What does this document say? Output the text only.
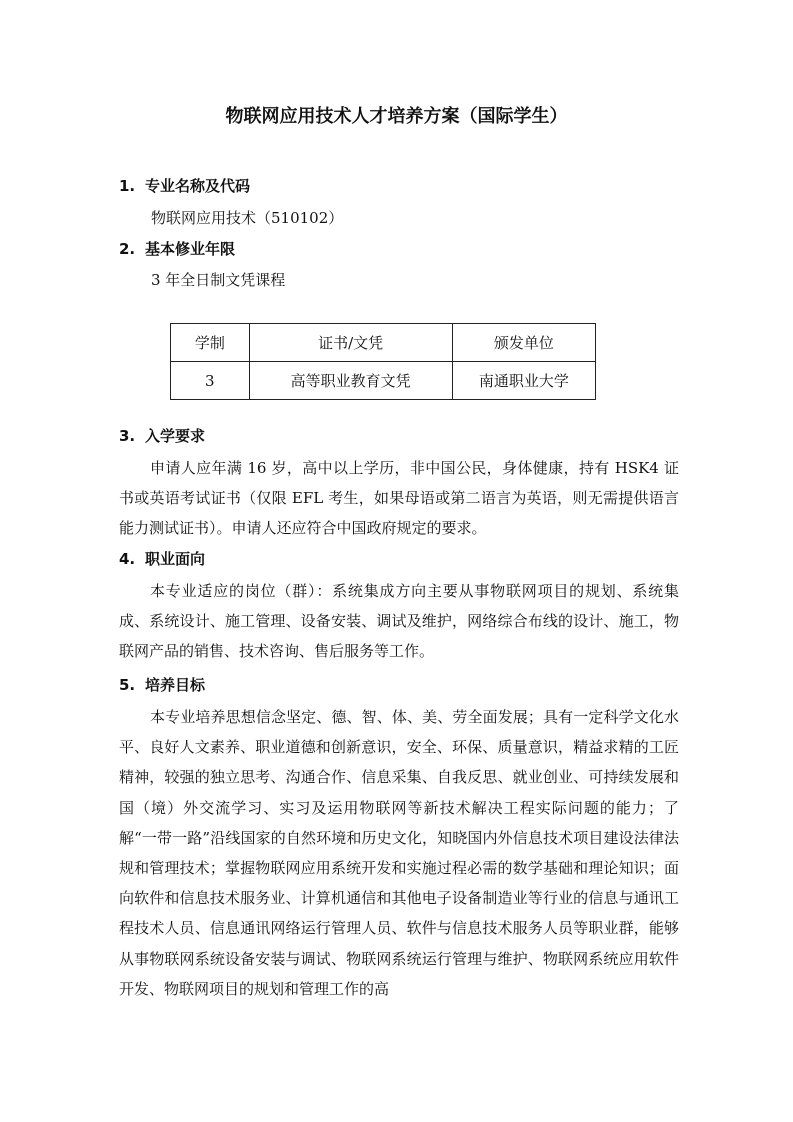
物联网应用技术人才培养方案（国际学生）
1. 专业名称及代码
物联网应用技术（510102）
2. 基本修业年限
3 年全日制文凭课程
学制	证书/文凭	颁发单位
3	高等职业教育文凭	南通职业大学
3. 入学要求

申请人应年满 16 岁，高中以上学历，非中国公民，身体健康，持有 HSK4 证书或英语考试证书（仅限 EFL 考生，如果母语或第二语言为英语，则无需提供语言能力测试证书）。申请人还应符合中国政府规定的要求。

4. 职业面向

本专业适应的岗位（群）：系统集成方向主要从事物联网项目的规划、系统集成、系统设计、施工管理、设备安装、调试及维护，网络综合布线的设计、施工，物联网产品的销售、技术咨询、售后服务等工作。

5. 培养目标

本专业培养思想信念坚定、德、智、体、美、劳全面发展；具有一定科学文化水平、良好人文素养、职业道德和创新意识，安全、环保、质量意识，精益求精的工匠精神，较强的独立思考、沟通合作、信息采集、自我反思、就业创业、可持续发展和国（境）外交流学习、实习及运用物联网等新技术解决工程实际问题的能力；了解“一带一路”沿线国家的自然环境和历史文化，知晓国内外信息技术项目建设法律法规和管理技术；掌握物联网应用系统开发和实施过程必需的数学基础和理论知识；面向软件和信息技术服务业、计算机通信和其他电子设备制造业等行业的信息与通讯工程技术人员、信息通讯网络运行管理人员、软件与信息技术服务人员等职业群，能够从事物联网系统设备安装与调试、物联网系统运行管理与维护、物联网系统应用软件开发、物联网项目的规划和管理工作的高
